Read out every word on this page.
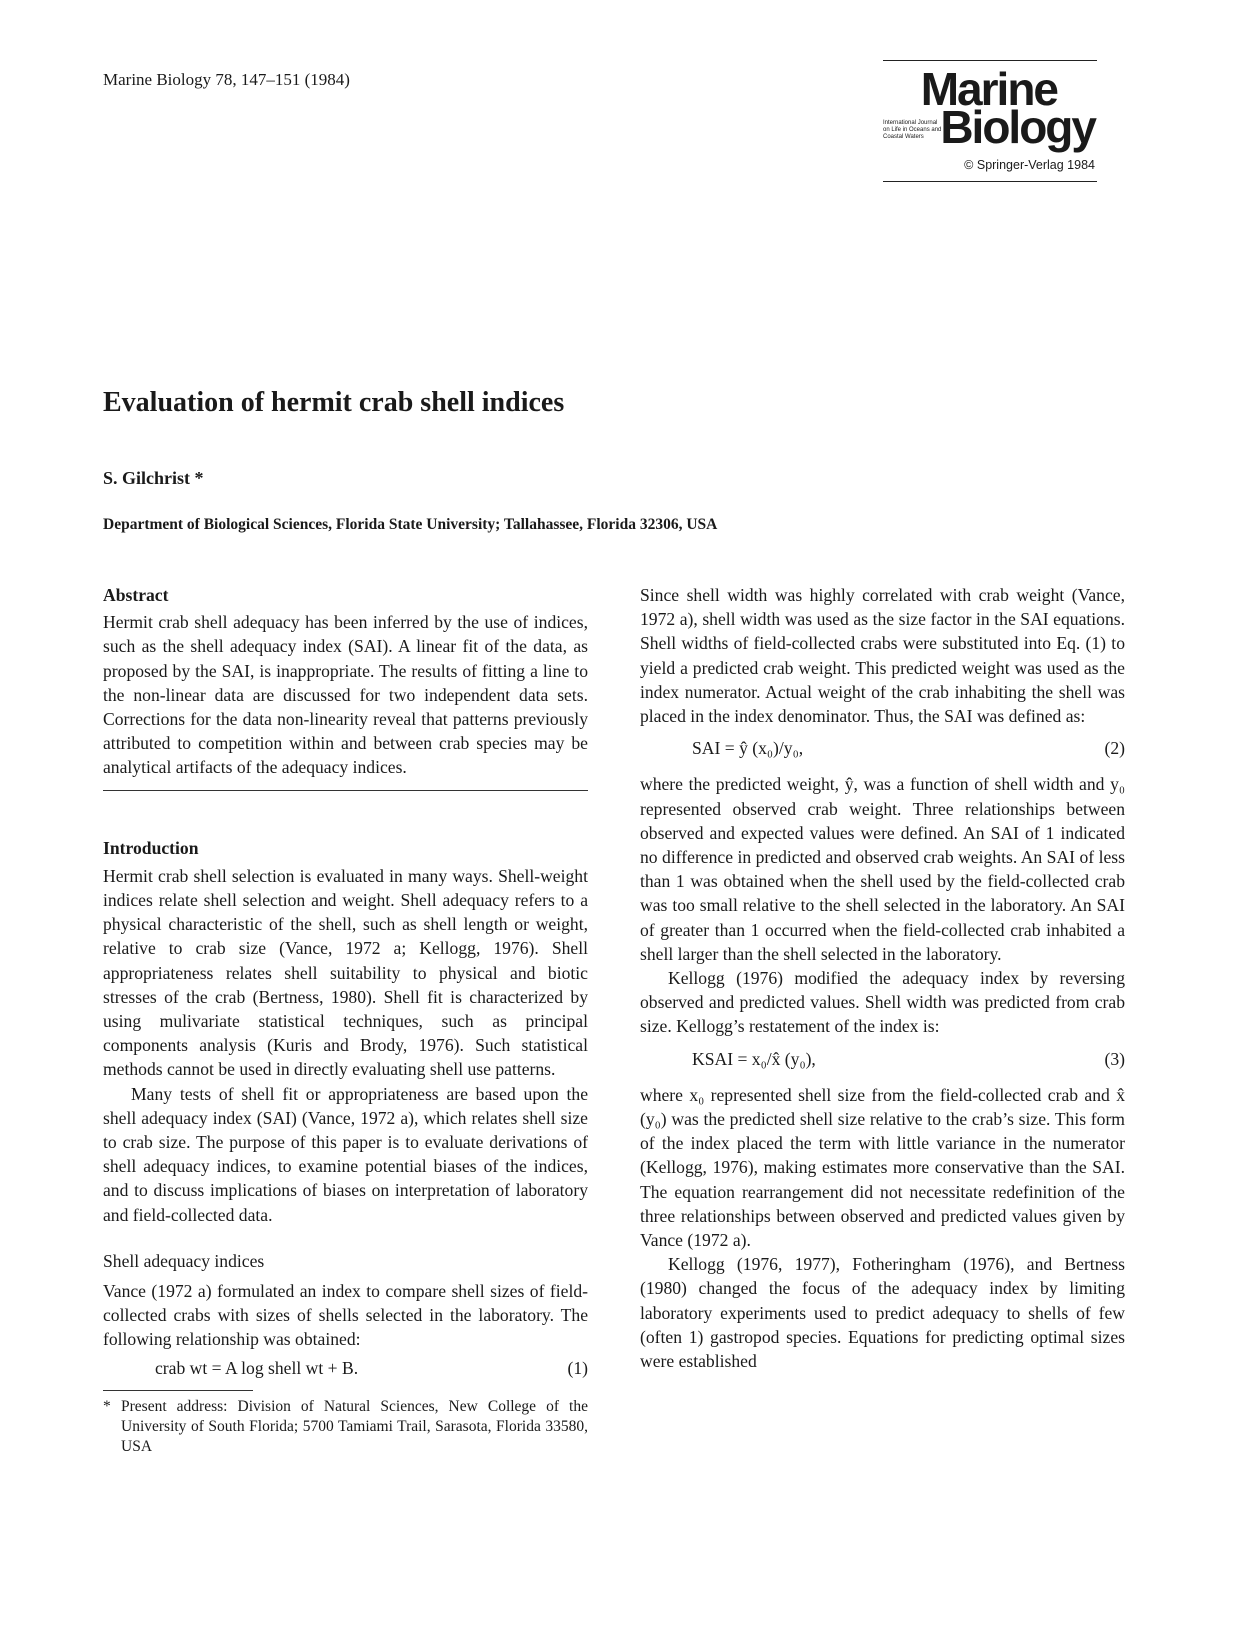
Marine Biology 78, 147–151 (1984)	Marine
International Journal on Life in Oceans and Coastal Waters Biology
© Springer-Verlag 1984
Evaluation of hermit crab shell indices
S. Gilchrist *
Department of Biological Sciences, Florida State University; Tallahassee, Florida 32306, USA
Abstract

Hermit crab shell adequacy has been inferred by the use of indices, such as the shell adequacy index (SAI). A linear fit of the data, as proposed by the SAI, is inappropriate. The results of fitting a line to the non-linear data are discussed for two independent data sets. Corrections for the data non-linearity reveal that patterns previously attributed to competition within and between crab species may be analytical artifacts of the adequacy indices.

Introduction

Hermit crab shell selection is evaluated in many ways. Shell-weight indices relate shell selection and weight. Shell adequacy refers to a physical characteristic of the shell, such as shell length or weight, relative to crab size (Vance, 1972 a; Kellogg, 1976). Shell appropriateness relates shell suitability to physical and biotic stresses of the crab (Bertness, 1980). Shell fit is characterized by using mulivariate statistical techniques, such as principal components analysis (Kuris and Brody, 1976). Such statistical methods cannot be used in directly evaluating shell use patterns.

Many tests of shell fit or appropriateness are based upon the shell adequacy index (SAI) (Vance, 1972 a), which relates shell size to crab size. The purpose of this paper is to evaluate derivations of shell adequacy indices, to examine potential biases of the indices, and to discuss implications of biases on interpretation of laboratory and field-collected data.

Shell adequacy indices

Vance (1972 a) formulated an index to compare shell sizes of field-collected crabs with sizes of shells selected in the laboratory. The following relationship was obtained:

crab wt = A log shell wt + B.	(1)
* Present address: Division of Natural Sciences, New College of the University of South Florida; 5700 Tamiami Trail, Sarasota, Florida 33580, USA

Since shell width was highly correlated with crab weight (Vance, 1972 a), shell width was used as the size factor in the SAI equations. Shell widths of field-collected crabs were substituted into Eq. (1) to yield a predicted crab weight. This predicted weight was used as the index numerator. Actual weight of the crab inhabiting the shell was placed in the index denominator. Thus, the SAI was defined as:

SAI = ŷ (x₀)/y₀,	(2)

where the predicted weight, ŷ, was a function of shell width and y₀ represented observed crab weight. Three relationships between observed and expected values were defined. An SAI of 1 indicated no difference in predicted and observed crab weights. An SAI of less than 1 was obtained when the shell used by the field-collected crab was too small relative to the shell selected in the laboratory. An SAI of greater than 1 occurred when the field-collected crab inhabited a shell larger than the shell selected in the laboratory.

Kellogg (1976) modified the adequacy index by reversing observed and predicted values. Shell width was predicted from crab size. Kellogg’s restatement of the index is:

KSAI = x₀/x̂ (y₀),	(3)

where x₀ represented shell size from the field-collected crab and x̂ (y₀) was the predicted shell size relative to the crab’s size. This form of the index placed the term with little variance in the numerator (Kellogg, 1976), making estimates more conservative than the SAI. The equation rearrangement did not necessitate redefinition of the three relationships between observed and predicted values given by Vance (1972 a).

Kellogg (1976, 1977), Fotheringham (1976), and Bertness (1980) changed the focus of the adequacy index by limiting laboratory experiments used to predict adequacy to shells of few (often 1) gastropod species. Equations for predicting optimal sizes were established
